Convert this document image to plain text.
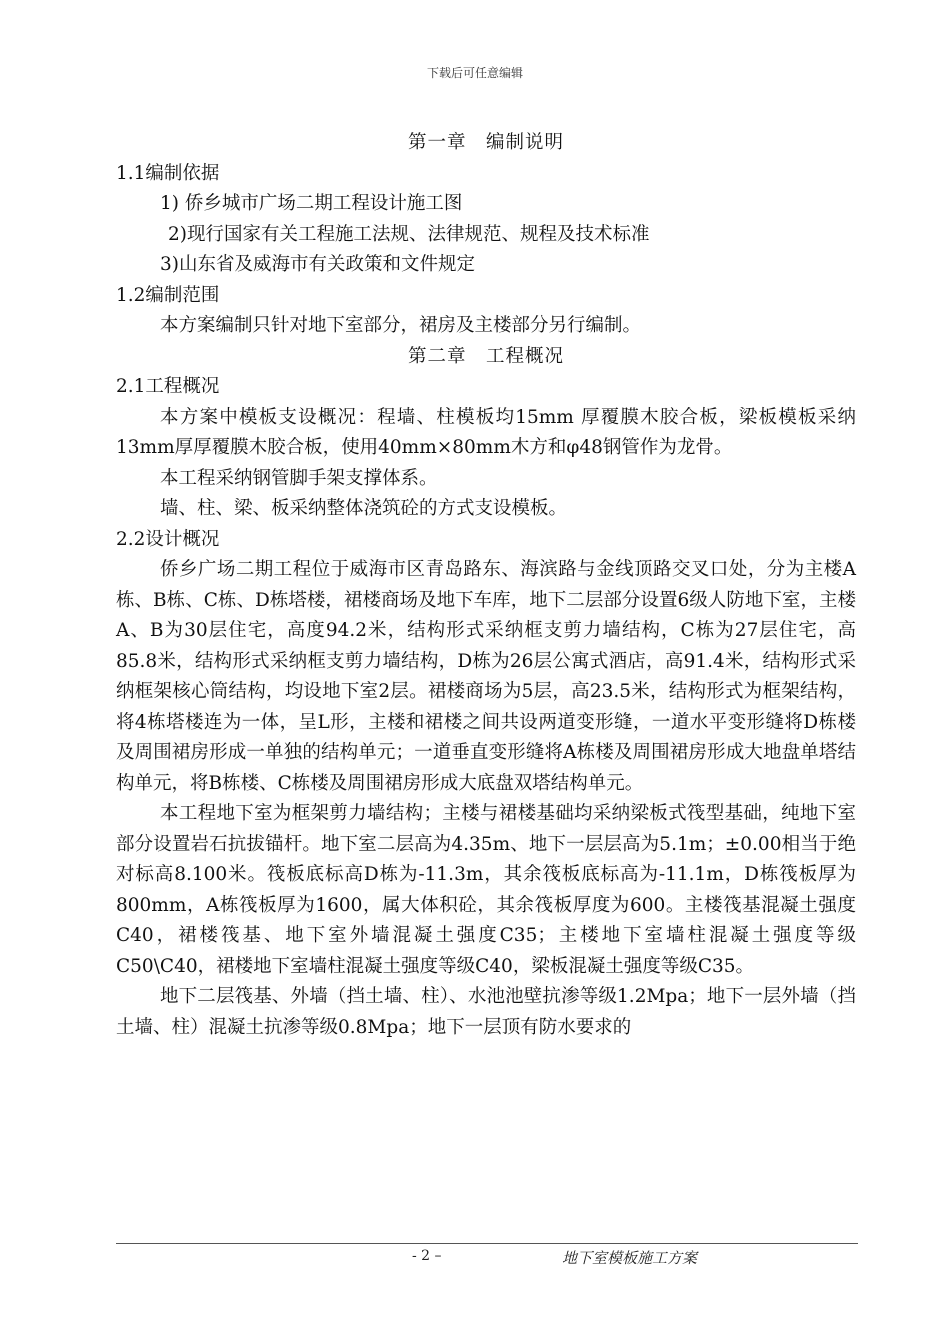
下载后可任意编辑
第一章　编制说明
1.1编制依据
1) 侨乡城市广场二期工程设计施工图
2)现行国家有关工程施工法规、法律规范、规程及技术标准
3)山东省及威海市有关政策和文件规定
1.2编制范围
本方案编制只针对地下室部分，裙房及主楼部分另行编制。
第二章　工程概况
2.1工程概况
本方案中模板支设概况：程墙、柱模板均15mm 厚覆膜木胶合板，梁板模板采纳13mm厚厚覆膜木胶合板，使用40mm×80mm木方和φ48钢管作为龙骨。
本工程采纳钢管脚手架支撑体系。
墙、柱、梁、板采纳整体浇筑砼的方式支设模板。
2.2设计概况
侨乡广场二期工程位于威海市区青岛路东、海滨路与金线顶路交叉口处，分为主楼A栋、B栋、C栋、D栋塔楼，裙楼商场及地下车库，地下二层部分设置6级人防地下室，主楼A、B为30层住宅，高度94.2米，结构形式采纳框支剪力墙结构，C栋为27层住宅，高85.8米，结构形式采纳框支剪力墙结构，D栋为26层公寓式酒店，高91.4米，结构形式采纳框架核心筒结构，均设地下室2层。裙楼商场为5层，高23.5米，结构形式为框架结构，将4栋塔楼连为一体，呈L形，主楼和裙楼之间共设两道变形缝，一道水平变形缝将D栋楼及周围裙房形成一单独的结构单元；一道垂直变形缝将A栋楼及周围裙房形成大地盘单塔结构单元，将B栋楼、C栋楼及周围裙房形成大底盘双塔结构单元。
本工程地下室为框架剪力墙结构；主楼与裙楼基础均采纳梁板式筏型基础，纯地下室部分设置岩石抗拔锚杆。地下室二层高为4.35m、地下一层层高为5.1m；±0.00相当于绝对标高8.100米。筏板底标高D栋为-11.3m，其余筏板底标高为-11.1m，D栋筏板厚为800mm，A栋筏板厚为1600，属大体积砼，其余筏板厚度为600。主楼筏基混凝土强度C40，裙楼筏基、地下室外墙混凝土强度C35；主楼地下室墙柱混凝土强度等级C50\C40，裙楼地下室墙柱混凝土强度等级C40，梁板混凝土强度等级C35。
地下二层筏基、外墙（挡土墙、柱）、水池池壁抗渗等级1.2Mpa；地下一层外墙（挡土墙、柱）混凝土抗渗等级0.8Mpa；地下一层顶有防水要求的
- 2 –	地下室模板施工方案
